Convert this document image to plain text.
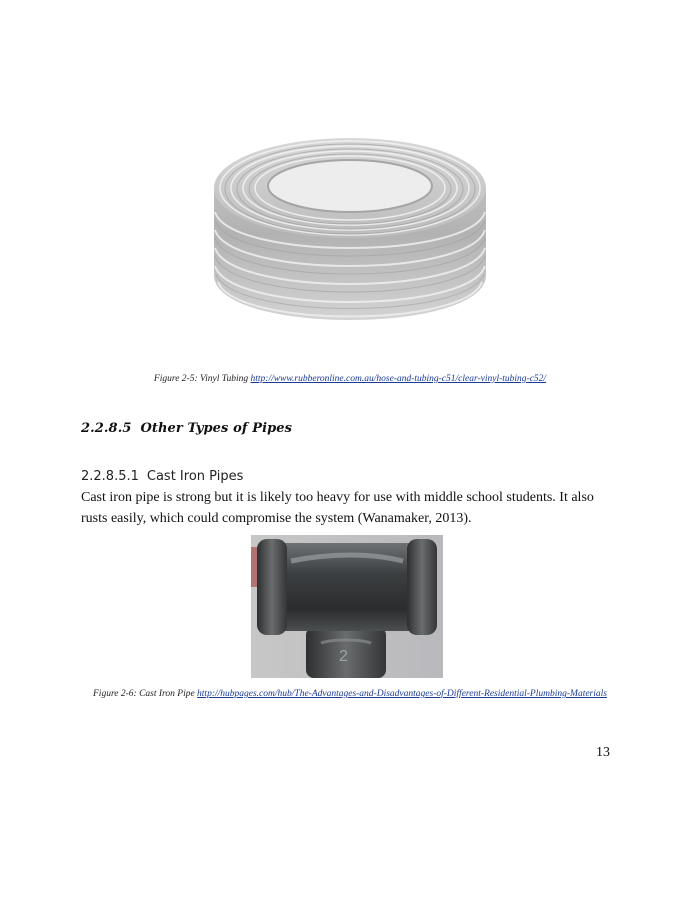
Figure 2-5: Vinyl Tubing http://www.rubberonline.com.au/hose-and-tubing-c51/clear-vinyl-tubing-c52/
2.2.8.5 Other Types of Pipes
2.2.8.5.1 Cast Iron Pipes
Cast iron pipe is strong but it is likely too heavy for use with middle school students. It also rusts easily, which could compromise the system (Wanamaker, 2013).
2
Figure 2-6: Cast Iron Pipe http://hubpages.com/hub/The-Advantages-and-Disadvantages-of-Different-Residential-Plumbing-Materials
13
